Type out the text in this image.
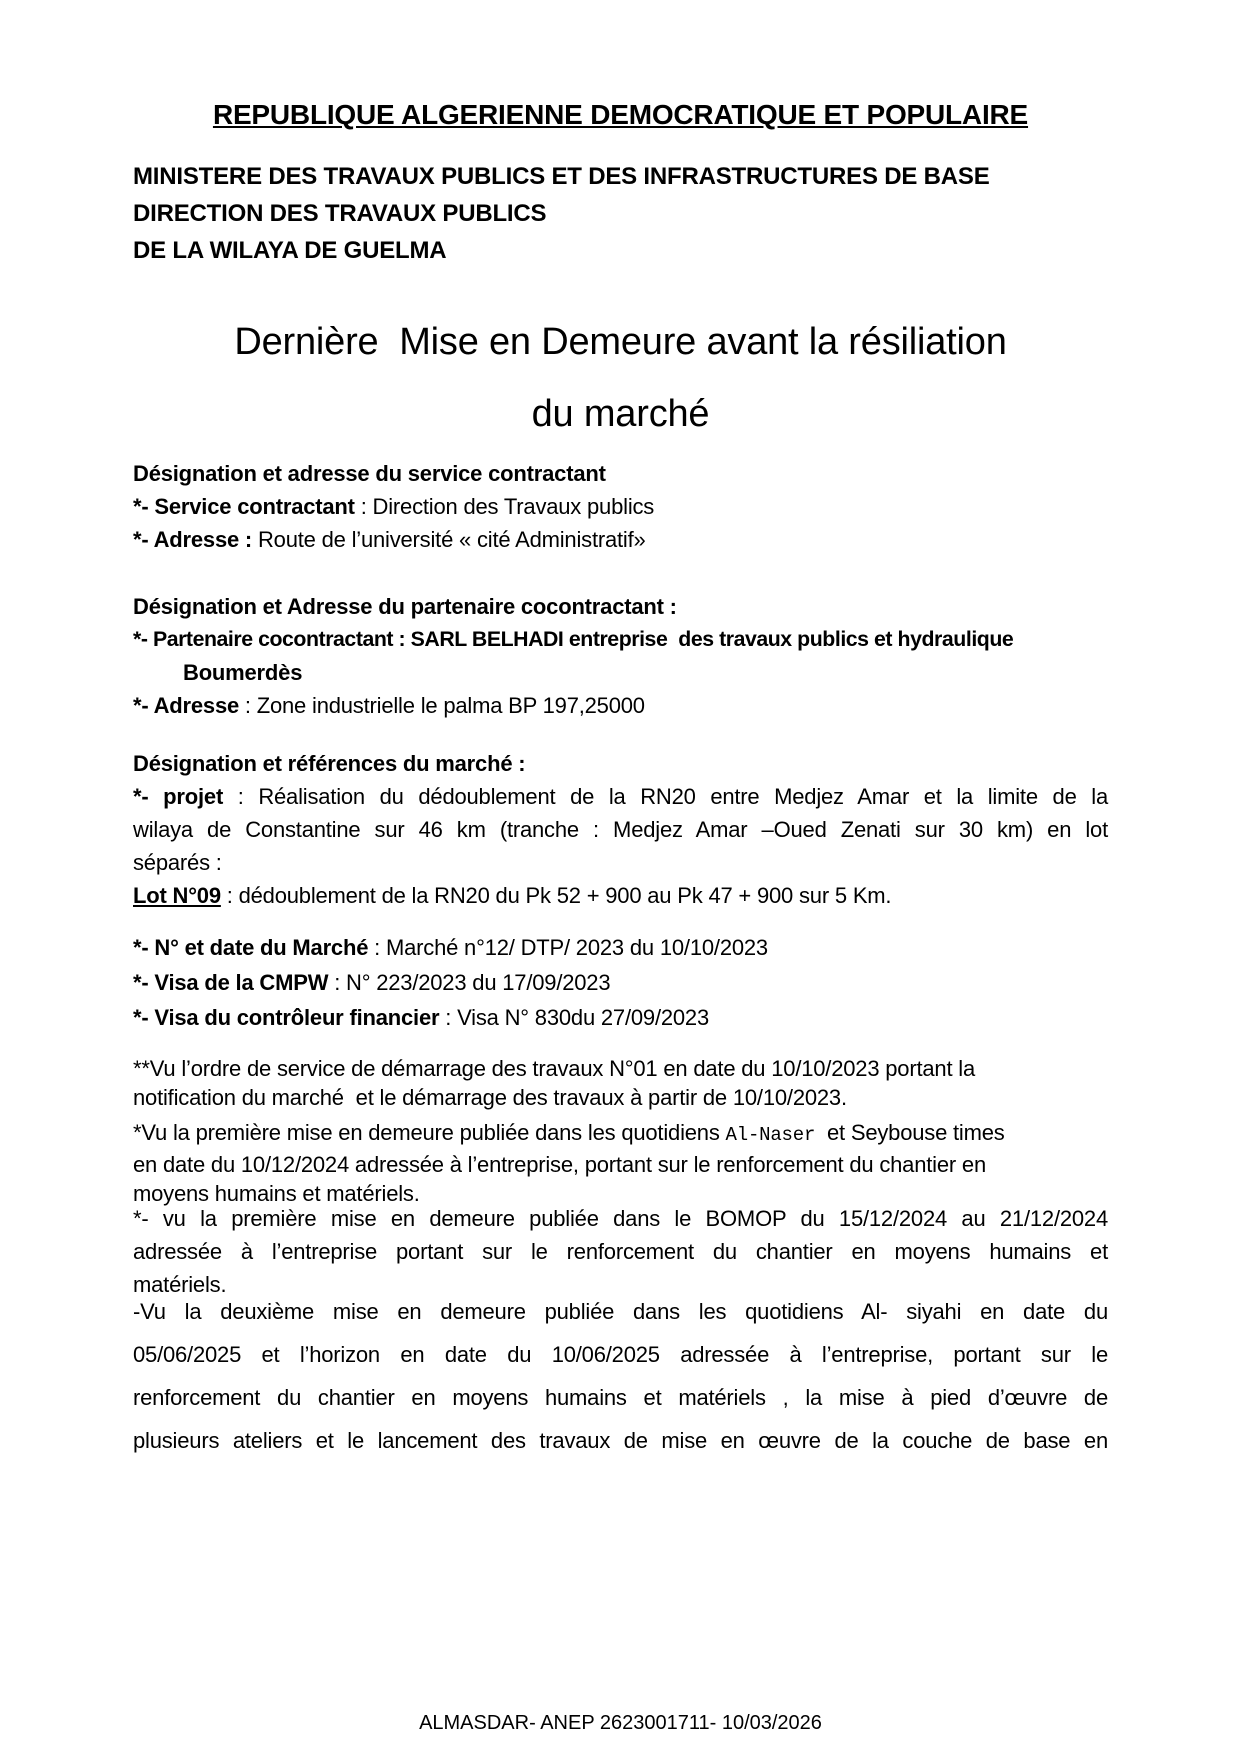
REPUBLIQUE ALGERIENNE DEMOCRATIQUE ET POPULAIRE
MINISTERE DES TRAVAUX PUBLICS ET DES INFRASTRUCTURES DE BASE
DIRECTION DES TRAVAUX PUBLICS
DE LA WILAYA DE GUELMA
Dernière  Mise en Demeure avant la résiliation
du marché
Désignation et adresse du service contractant
*- Service contractant : Direction des Travaux publics
*- Adresse : Route de l’université « cité Administratif»
Désignation et Adresse du partenaire cocontractant :
*- Partenaire cocontractant : SARL BELHADI entreprise  des travaux publics et hydraulique
Boumerdès
*- Adresse : Zone industrielle le palma BP 197,25000
Désignation et références du marché :
*- projet : Réalisation du dédoublement de la RN20 entre Medjez Amar et la limite de la
wilaya de Constantine sur 46 km (tranche : Medjez Amar –Oued Zenati sur 30 km) en lot
séparés :
Lot N°09 : dédoublement de la RN20 du Pk 52 + 900 au Pk 47 + 900 sur 5 Km.
*- N° et date du Marché : Marché n°12/ DTP/ 2023 du 10/10/2023
*- Visa de la CMPW : N° 223/2023 du 17/09/2023
*- Visa du contrôleur financier : Visa N° 830du 27/09/2023
**Vu l’ordre de service de démarrage des travaux N°01 en date du 10/10/2023 portant la
notification du marché  et le démarrage des travaux à partir de 10/10/2023.
*Vu la première mise en demeure publiée dans les quotidiens Al-Naser  et Seybouse times
en date du 10/12/2024 adressée à l’entreprise, portant sur le renforcement du chantier en
moyens humains et matériels.
*- vu la première mise en demeure publiée dans le BOMOP du 15/12/2024 au 21/12/2024
adressée à l’entreprise portant sur le renforcement du chantier en moyens humains et
matériels.
-Vu la deuxième mise en demeure publiée dans les quotidiens Al- siyahi en date du
05/06/2025 et l’horizon en date du 10/06/2025 adressée à l’entreprise, portant sur le
renforcement du chantier en moyens humains et matériels , la mise à pied d’œuvre de
plusieurs ateliers et le lancement des travaux de mise en œuvre de la couche de base en
ALMASDAR- ANEP 2623001711- 10/03/2026
